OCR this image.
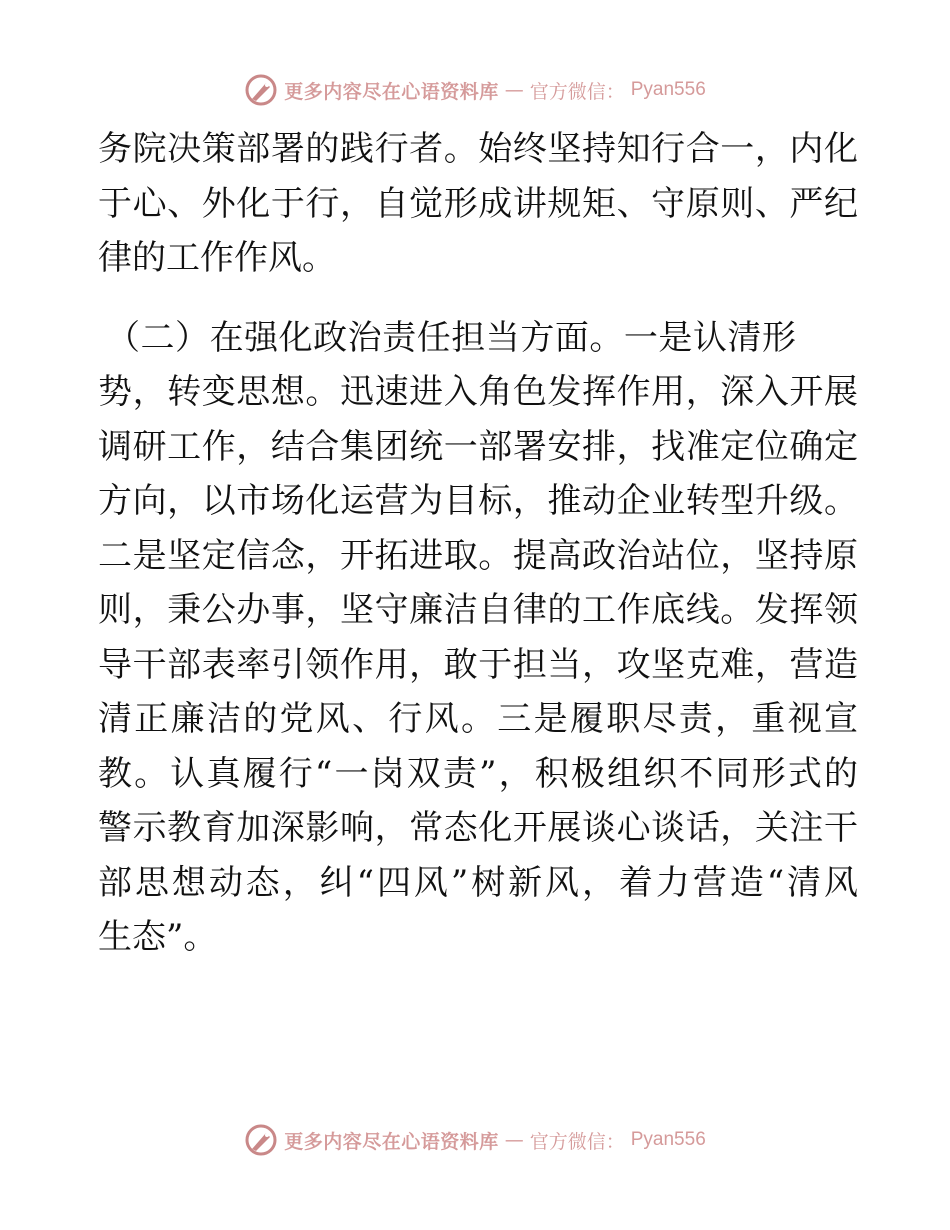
更多内容尽在心语资料库 — 官方微信： Pyan556
务院决策部署的践行者。始终坚持知行合一，内化
于心、外化于行，自觉形成讲规矩、守原则、严纪
律的工作作风。
（二）在强化政治责任担当方面。一是认清形
势，转变思想。迅速进入角色发挥作用，深入开展
调研工作，结合集团统一部署安排，找准定位确定
方向，以市场化运营为目标，推动企业转型升级。
二是坚定信念，开拓进取。提高政治站位，坚持原
则，秉公办事，坚守廉洁自律的工作底线。发挥领
导干部表率引领作用，敢于担当，攻坚克难，营造
清正廉洁的党风、行风。三是履职尽责，重视宣
教。认真履行“一岗双责”，积极组织不同形式的
警示教育加深影响，常态化开展谈心谈话，关注干
部思想动态，纠“四风”树新风，着力营造“清风
生态”。
更多内容尽在心语资料库 — 官方微信： Pyan556
